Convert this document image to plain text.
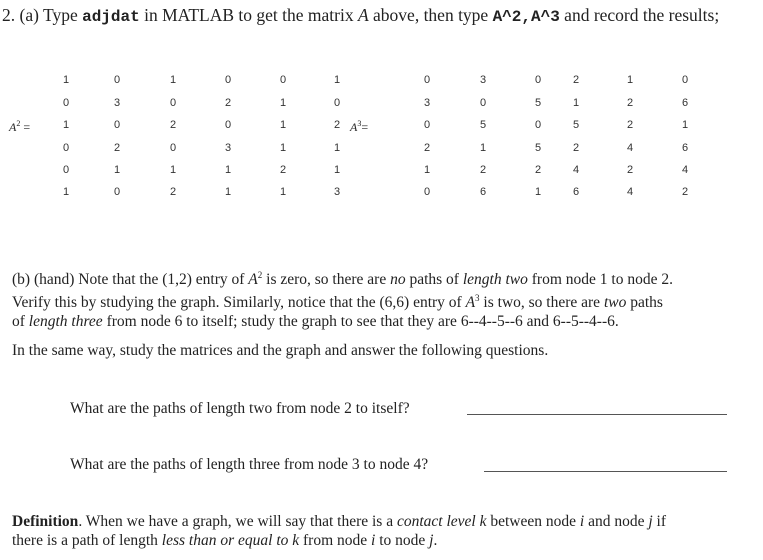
2. (a) Type adjdat in MATLAB to get the matrix A above, then type A^2,A^3 and record the results;
$A^2$ =	$A^3=$
1	0	1	0	0	1
0	3	0	2	1	0
1	0	2	0	1	2
0	2	0	3	1	1
0	1	1	1	2	1
1	0	2	1	1	3
0	3	0	2	1	0
3	0	5	1	2	6
0	5	0	5	2	1
2	1	5	2	4	6
1	2	2	4	2	4
0	6	1	6	4	2
(b) (hand) Note that the (1,2) entry of $A^2$ is zero, so there are no paths of length two from node 1 to node 2.
Verify this by studying the graph. Similarly, notice that the (6,6) entry of $A^3$ is two, so there are two paths
of length three from node 6 to itself; study the graph to see that they are 6--4--5--6 and 6--5--4--6.
In the same way, study the matrices and the graph and answer the following questions.
What are the paths of length two from node 2 to itself?
What are the paths of length three from node 3 to node 4?
Definition. When we have a graph, we will say that there is a contact level k between node i and node j if
there is a path of length less than or equal to k from node i to node j.
